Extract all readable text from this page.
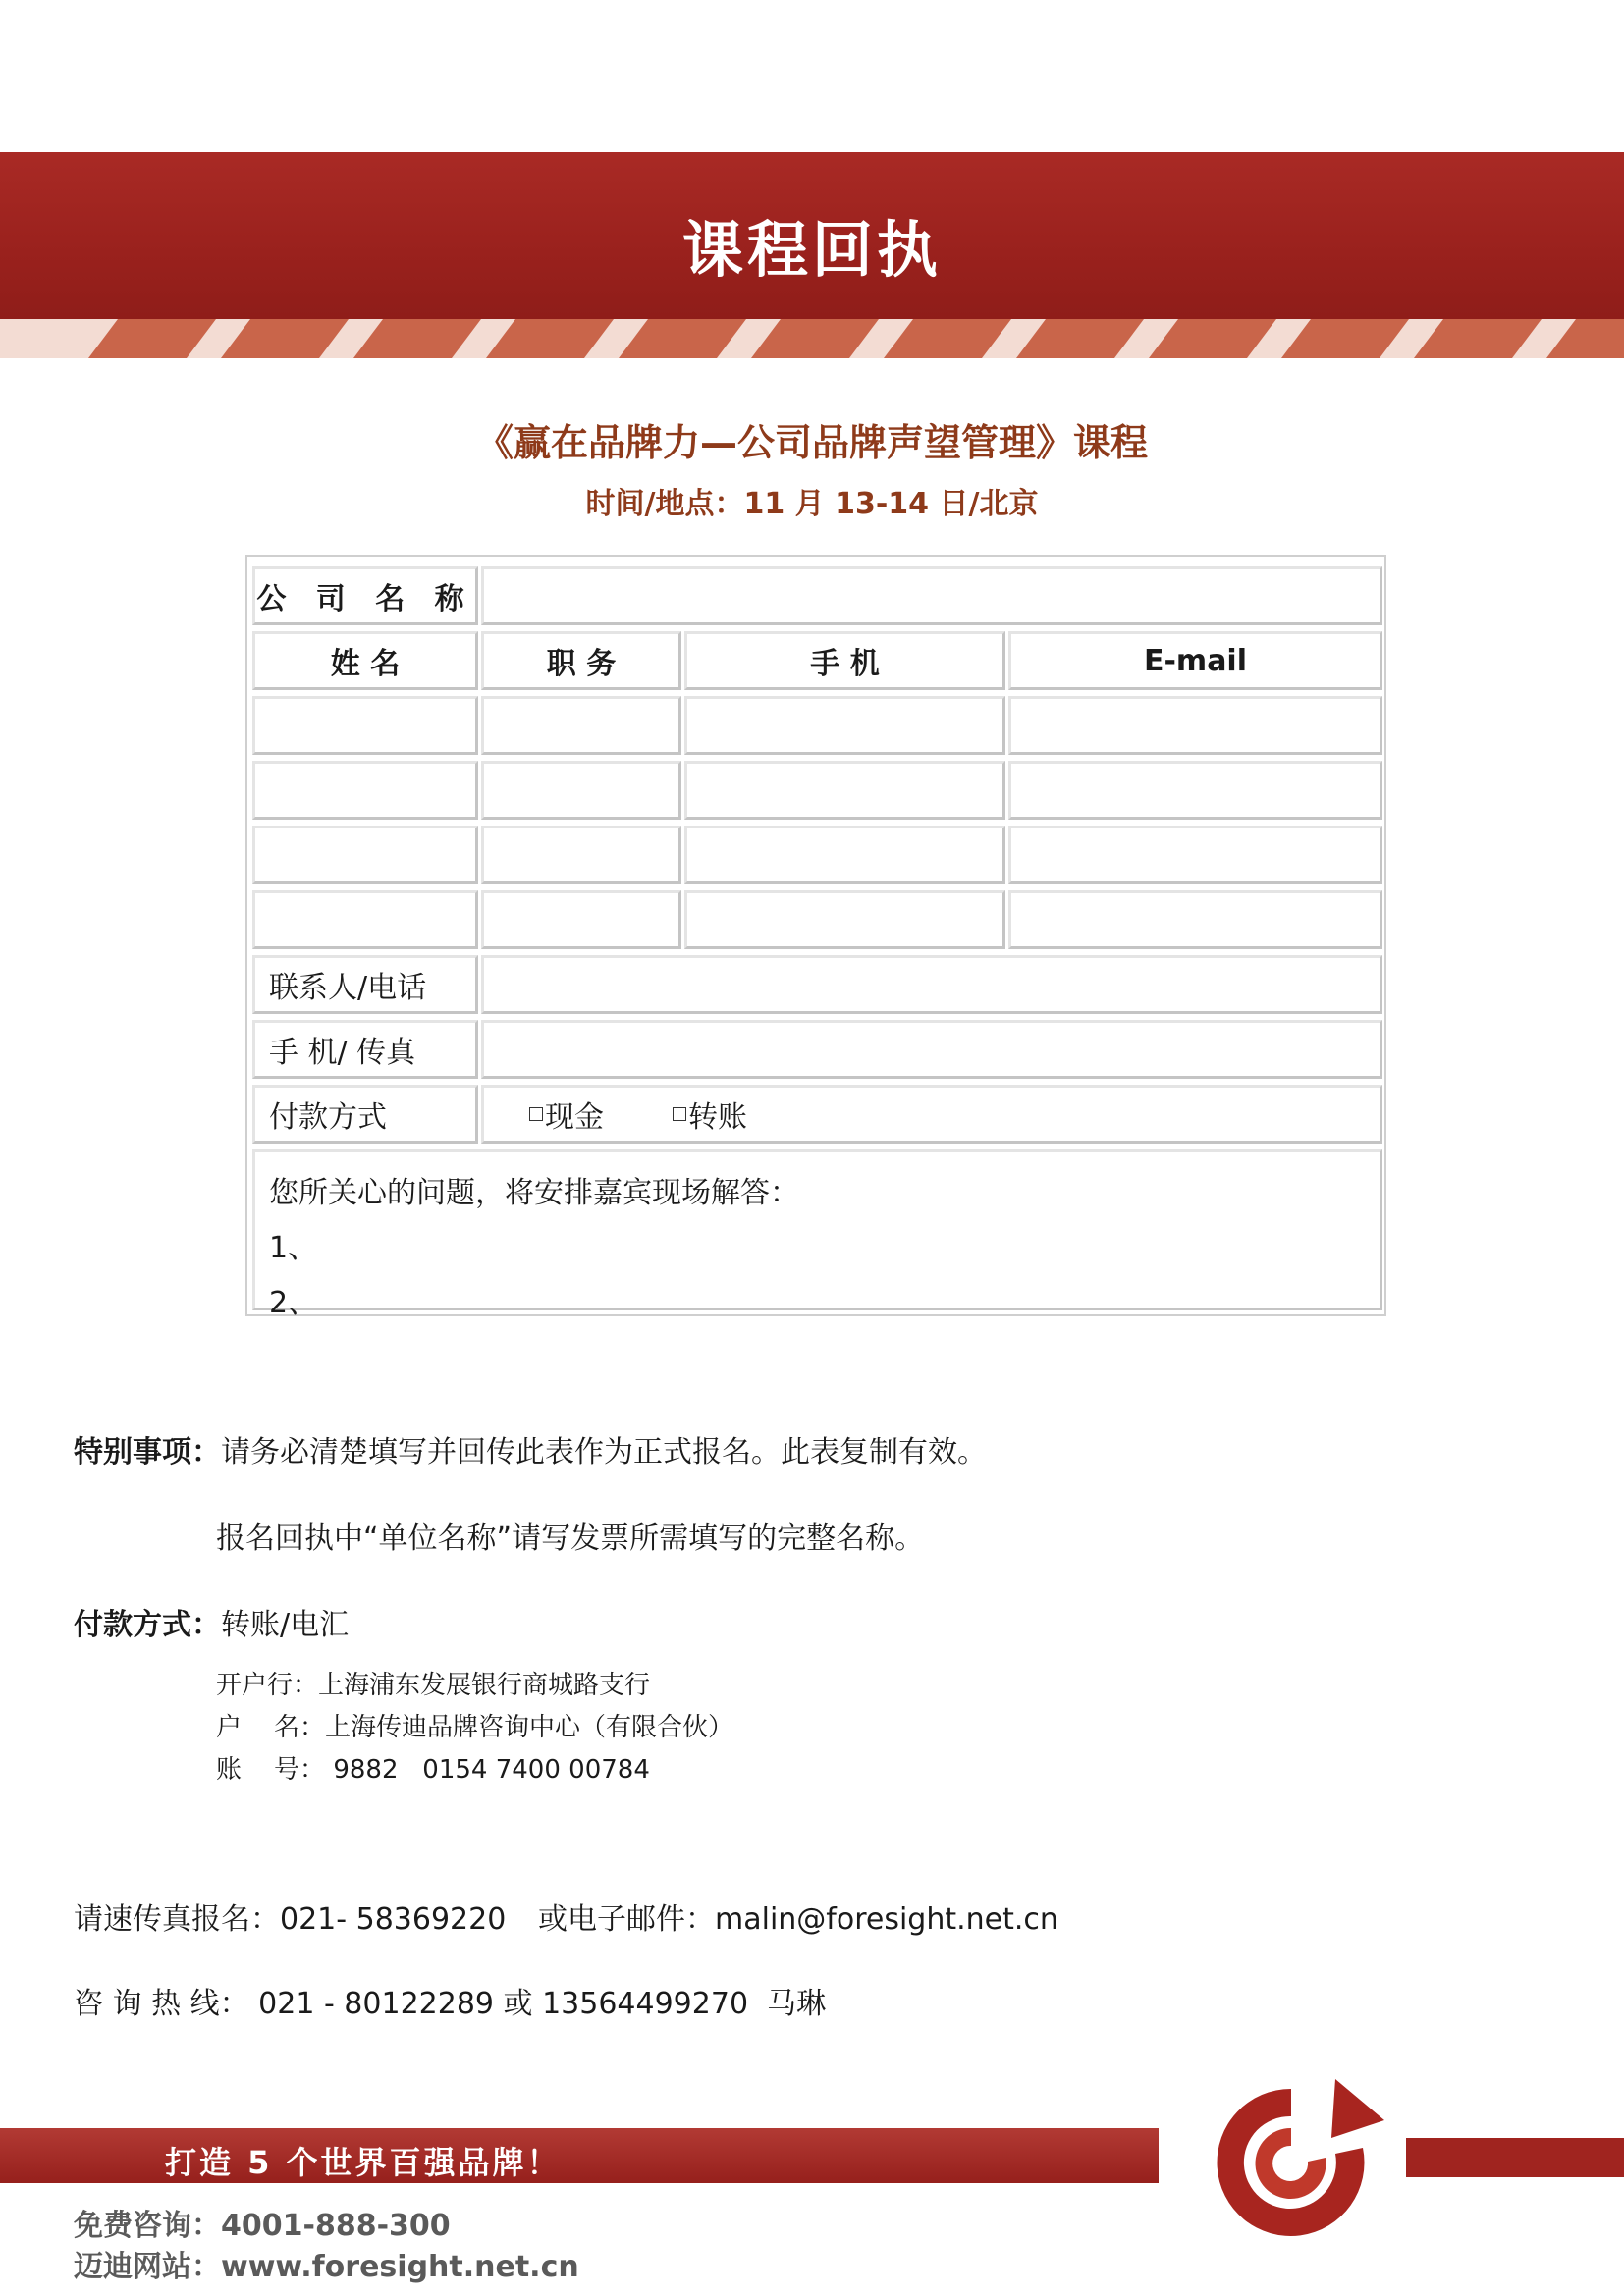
课程回执
《赢在品牌力—公司品牌声望管理》课程
时间/地点：11 月 13-14 日/北京
公 司 名 称
姓 名	职 务	手 机	E-mail
联系人/电话
手 机/ 传真
付款方式	现金	转账
您所关心的问题，将安排嘉宾现场解答：
1、
2、
特别事项：请务必清楚填写并回传此表作为正式报名。此表复制有效。
报名回执中“单位名称”请写发票所需填写的完整名称。
付款方式：转账/电汇
开户行：上海浦东发展银行商城路支行
户    名：上海传迪品牌咨询中心（有限合伙）
账    号： 9882   0154 7400 00784
请速传真报名：021- 58369220 或电子邮件：malin@foresight.net.cn
咨 询 热 线： 021 - 80122289 或 13564499270  马琳
打造 5 个世界百强品牌！
免费咨询：4001-888-300
迈迪网站：www.foresight.net.cn
